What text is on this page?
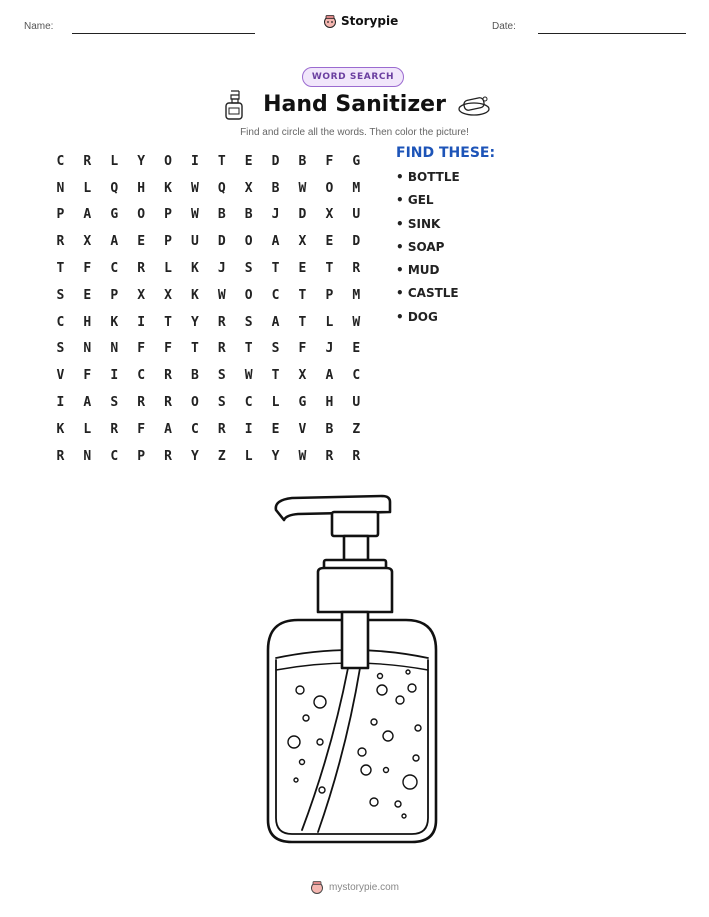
Name:	Storypie	Date:
WORD SEARCH
Hand Sanitizer
Find and circle all the words. Then color the picture!
C	R	L	Y	O	I	T	E	D	B	F	G
N	L	Q	H	K	W	Q	X	B	W	O	M
P	A	G	O	P	W	B	B	J	D	X	U
R	X	A	E	P	U	D	O	A	X	E	D
T	F	C	R	L	K	J	S	T	E	T	R
S	E	P	X	X	K	W	O	C	T	P	M
C	H	K	I	T	Y	R	S	A	T	L	W
S	N	N	F	F	T	R	T	S	F	J	E
V	F	I	C	R	B	S	W	T	X	A	C
I	A	S	R	R	O	S	C	L	G	H	U
K	L	R	F	A	C	R	I	E	V	B	Z
R	N	C	P	R	Y	Z	L	Y	W	R	R
FIND THESE:
• BOTTLE
• GEL
• SINK
• SOAP
• MUD
• CASTLE
• DOG
mystorypie.com
